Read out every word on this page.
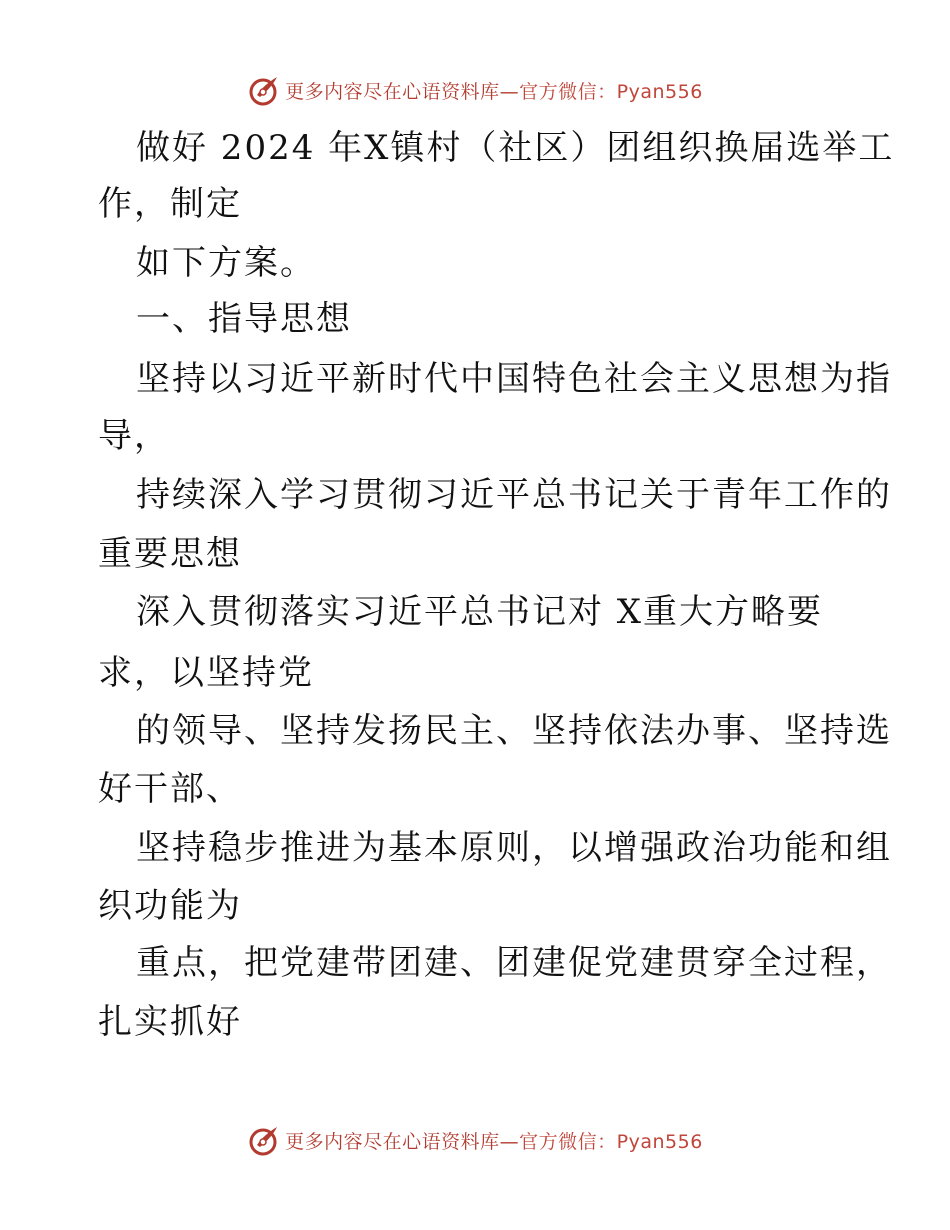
更多内容尽在心语资料库—官方微信：Pyan556
做好 2024 年X镇村（社区）团组织换届选举工
作，制定
如下方案。
一、指导思想
坚持以习近平新时代中国特色社会主义思想为指
导，
持续深入学习贯彻习近平总书记关于青年工作的
重要思想
深入贯彻落实习近平总书记对 X重大方略要
求，以坚持党
的领导、坚持发扬民主、坚持依法办事、坚持选
好干部、
坚持稳步推进为基本原则，以增强政治功能和组
织功能为
重点，把党建带团建、团建促党建贯穿全过程，
扎实抓好
更多内容尽在心语资料库—官方微信：Pyan556
